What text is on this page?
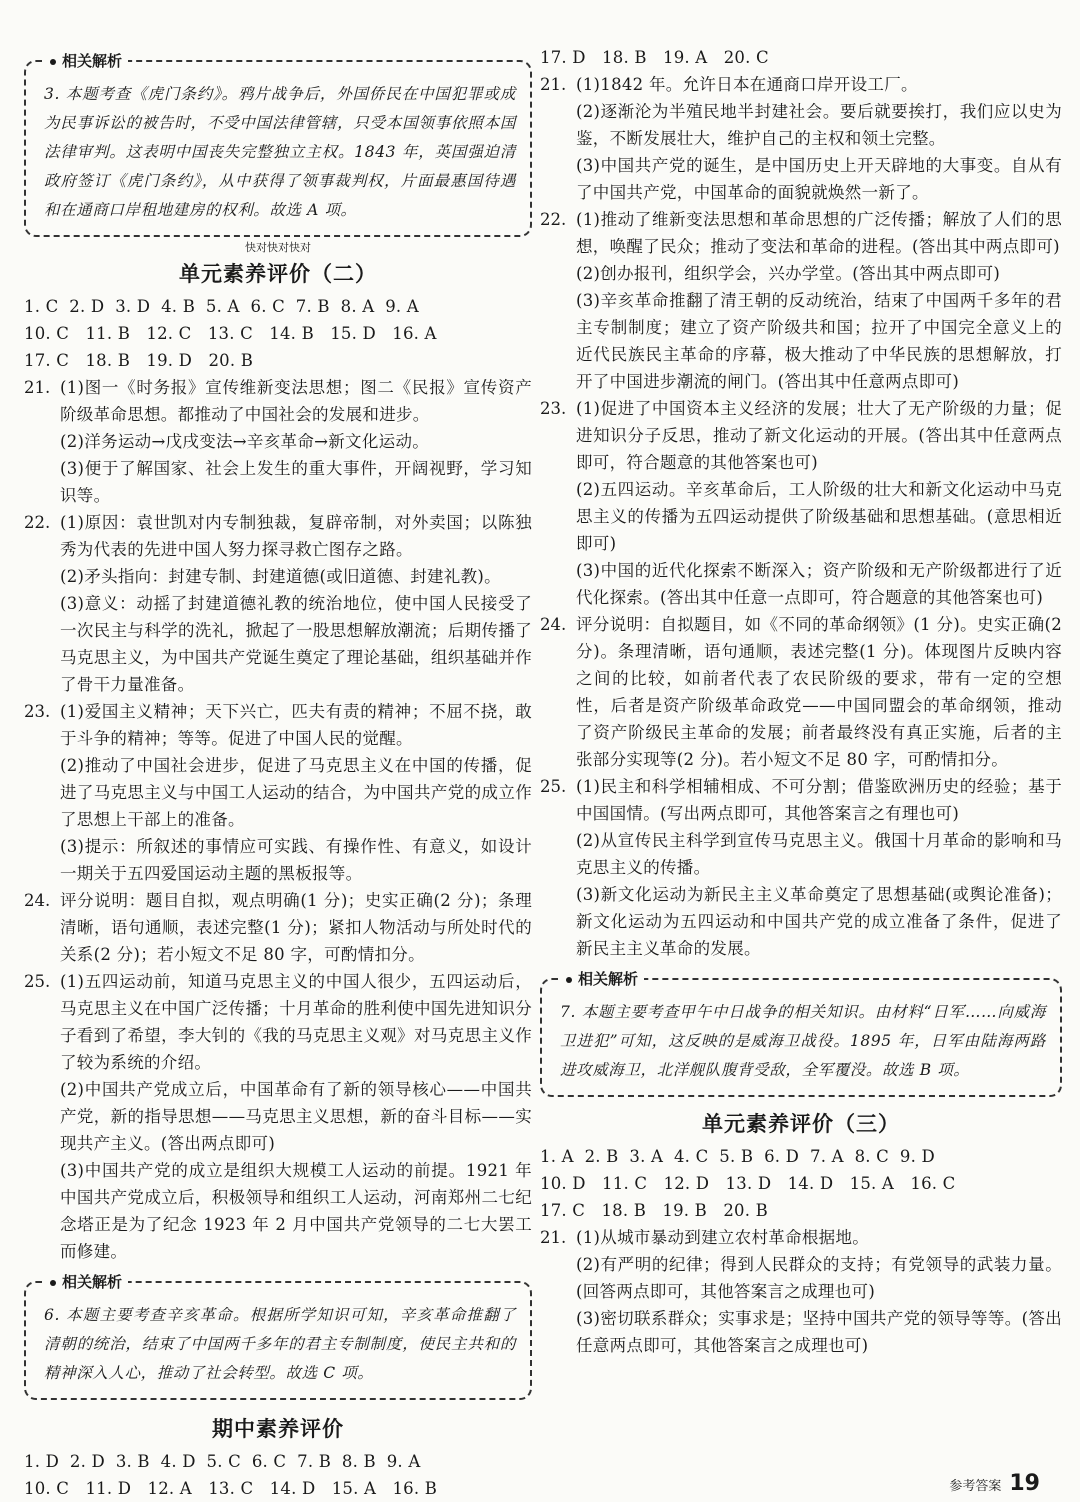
相关解析

3. 本题考查《虎门条约》。鸦片战争后，外国侨民在中国犯罪或成为民事诉讼的被告时，不受中国法律管辖，只受本国领事依照本国法律审判。这表明中国丧失完整独立主权。1843 年，英国强迫清政府签订《虎门条约》，从中获得了领事裁判权，片面最惠国待遇和在通商口岸租地建房的权利。故选 A 项。

快对快对快对
单元素养评价（二）
1. C  2. D  3. D  4. B  5. A  6. C  7. B  8. A  9. A
10. C   11. B   12. C   13. C   14. B   15. D   16. A
17. C   18. B   19. D   20. B
21. (1)图一《时务报》宣传维新变法思想；图二《民报》宣传资产阶级革命思想。都推动了中国社会的发展和进步。

(2)洋务运动→戊戌变法→辛亥革命→新文化运动。

(3)便于了解国家、社会上发生的重大事件，开阔视野，学习知识等。

22. (1)原因：袁世凯对内专制独裁，复辟帝制，对外卖国；以陈独秀为代表的先进中国人努力探寻救亡图存之路。

(2)矛头指向：封建专制、封建道德(或旧道德、封建礼教)。

(3)意义：动摇了封建道德礼教的统治地位，使中国人民接受了一次民主与科学的洗礼，掀起了一股思想解放潮流；后期传播了马克思主义，为中国共产党诞生奠定了理论基础，组织基础并作了骨干力量准备。

23. (1)爱国主义精神；天下兴亡，匹夫有责的精神；不屈不挠，敢于斗争的精神；等等。促进了中国人民的觉醒。

(2)推动了中国社会进步，促进了马克思主义在中国的传播，促进了马克思主义与中国工人运动的结合，为中国共产党的成立作了思想上干部上的准备。

(3)提示：所叙述的事情应可实践、有操作性、有意义，如设计一期关于五四爱国运动主题的黑板报等。

24. 评分说明：题目自拟，观点明确(1 分)；史实正确(2 分)；条理清晰，语句通顺，表述完整(1 分)；紧扣人物活动与所处时代的关系(2 分)；若小短文不足 80 字，可酌情扣分。

25. (1)五四运动前，知道马克思主义的中国人很少，五四运动后，马克思主义在中国广泛传播；十月革命的胜利使中国先进知识分子看到了希望，李大钊的《我的马克思主义观》对马克思主义作了较为系统的介绍。

(2)中国共产党成立后，中国革命有了新的领导核心——中国共产党，新的指导思想——马克思主义思想，新的奋斗目标——实现共产主义。(答出两点即可)

(3)中国共产党的成立是组织大规模工人运动的前提。1921 年中国共产党成立后，积极领导和组织工人运动，河南郑州二七纪念塔正是为了纪念 1923 年 2 月中国共产党领导的二七大罢工而修建。

相关解析

6. 本题主要考查辛亥革命。根据所学知识可知，辛亥革命推翻了清朝的统治，结束了中国两千多年的君主专制制度，使民主共和的精神深入人心，推动了社会转型。故选 C 项。

期中素养评价
1. D  2. D  3. B  4. D  5. C  6. C  7. B  8. B  9. A
10. C   11. D   12. A   13. C   14. D   15. A   16. B
17. D   18. B   19. A   20. C
21. (1)1842 年。允许日本在通商口岸开设工厂。

(2)逐渐沦为半殖民地半封建社会。要后就要挨打，我们应以史为鉴，不断发展壮大，维护自己的主权和领土完整。

(3)中国共产党的诞生，是中国历史上开天辟地的大事变。自从有了中国共产党，中国革命的面貌就焕然一新了。

22. (1)推动了维新变法思想和革命思想的广泛传播；解放了人们的思想，唤醒了民众；推动了变法和革命的进程。(答出其中两点即可)

(2)创办报刊，组织学会，兴办学堂。(答出其中两点即可)

(3)辛亥革命推翻了清王朝的反动统治，结束了中国两千多年的君主专制制度；建立了资产阶级共和国；拉开了中国完全意义上的近代民族民主革命的序幕，极大推动了中华民族的思想解放，打开了中国进步潮流的闸门。(答出其中任意两点即可)

23. (1)促进了中国资本主义经济的发展；壮大了无产阶级的力量；促进知识分子反思，推动了新文化运动的开展。(答出其中任意两点即可，符合题意的其他答案也可)

(2)五四运动。辛亥革命后，工人阶级的壮大和新文化运动中马克思主义的传播为五四运动提供了阶级基础和思想基础。(意思相近即可)

(3)中国的近代化探索不断深入；资产阶级和无产阶级都进行了近代化探索。(答出其中任意一点即可，符合题意的其他答案也可)

24. 评分说明：自拟题目，如《不同的革命纲领》(1 分)。史实正确(2 分)。条理清晰，语句通顺，表述完整(1 分)。体现图片反映内容之间的比较，如前者代表了农民阶级的要求，带有一定的空想性，后者是资产阶级革命政党——中国同盟会的革命纲领，推动了资产阶级民主革命的发展；前者最终没有真正实施，后者的主张部分实现等(2 分)。若小短文不足 80 字，可酌情扣分。

25. (1)民主和科学相辅相成、不可分割；借鉴欧洲历史的经验；基于中国国情。(写出两点即可，其他答案言之有理也可)

(2)从宣传民主科学到宣传马克思主义。俄国十月革命的影响和马克思主义的传播。

(3)新文化运动为新民主主义革命奠定了思想基础(或舆论准备)；新文化运动为五四运动和中国共产党的成立准备了条件，促进了新民主主义革命的发展。

相关解析

7. 本题主要考查甲午中日战争的相关知识。由材料“日军……向威海卫进犯”可知，这反映的是威海卫战役。1895 年，日军由陆海两路进攻威海卫，北洋舰队腹背受敌，全军覆没。故选 B 项。

单元素养评价（三）
1. A  2. B  3. A  4. C  5. B  6. D  7. A  8. C  9. D
10. D   11. C   12. D   13. D   14. D   15. A   16. C
17. C   18. B   19. B   20. B
21. (1)从城市暴动到建立农村革命根据地。

(2)有严明的纪律；得到人民群众的支持；有党领导的武装力量。(回答两点即可，其他答案言之成理也可)

(3)密切联系群众；实事求是；坚持中国共产党的领导等等。(答出任意两点即可，其他答案言之成理也可)

参考答案 19
